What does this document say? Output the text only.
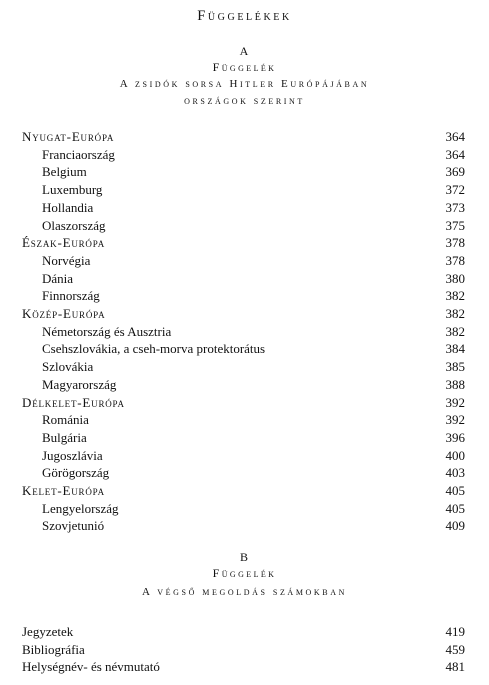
Függelékek
A
Függelék
A zsidók sorsa Hitler Európájában
országok szerint
Nyugat-Európa	364
Franciaország	364
Belgium	369
Luxemburg	372
Hollandia	373
Olaszország	375
Észak-Európa	378
Norvégia	378
Dánia	380
Finnország	382
Közép-Európa	382
Németország és Ausztria	382
Csehszlovákia, a cseh-morva protektorátus	384
Szlovákia	385
Magyarország	388
Délkelet-Európa	392
Románia	392
Bulgária	396
Jugoszlávia	400
Görögország	403
Kelet-Európa	405
Lengyelország	405
Szovjetunió	409
B
Függelék
A végső megoldás számokban
Jegyzetek	419
Bibliográfia	459
Helységnév- és névmutató	481
